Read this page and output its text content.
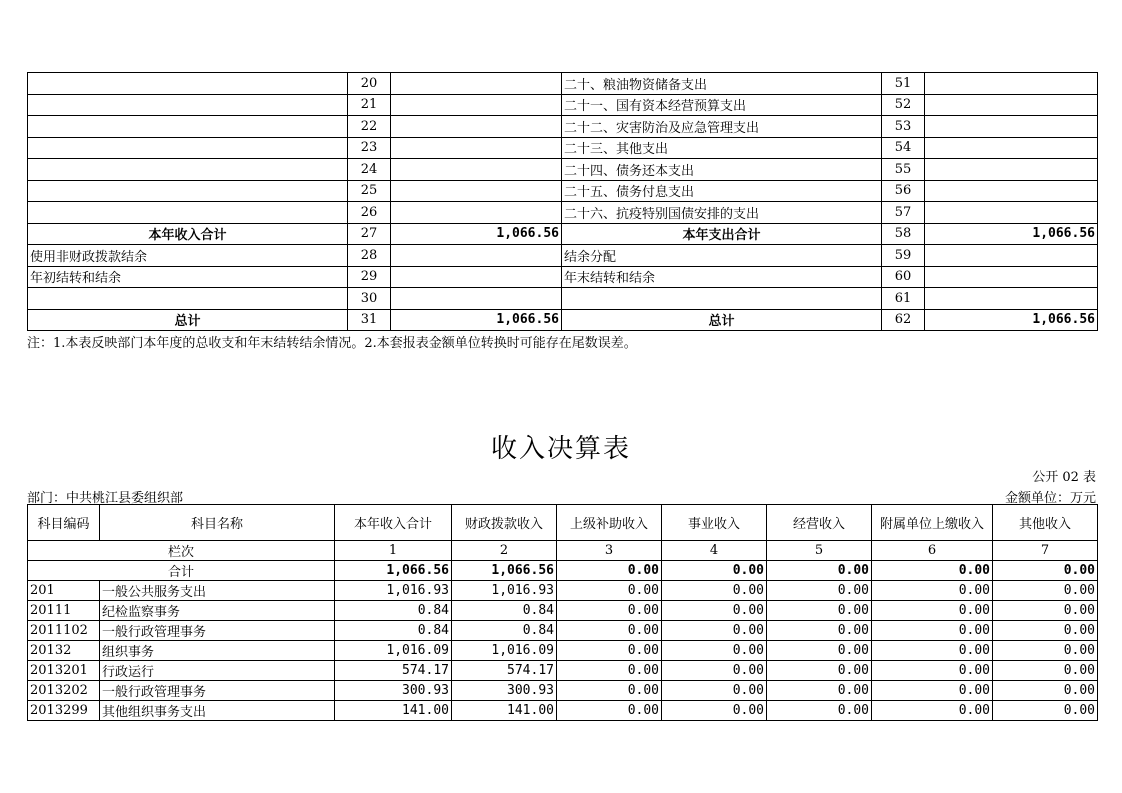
	20		二十、粮油物资储备支出	51	
	21		二十一、国有资本经营预算支出	52	
	22		二十二、灾害防治及应急管理支出	53	
	23		二十三、其他支出	54	
	24		二十四、债务还本支出	55	
	25		二十五、债务付息支出	56	
	26		二十六、抗疫特别国债安排的支出	57	
本年收入合计	27	1,066.56	本年支出合计	58	1,066.56
使用非财政拨款结余	28		结余分配	59	
年初结转和结余	29		年末结转和结余	60	
	30			61	
总计	31	1,066.56	总计	62	1,066.56
注：1.本表反映部门本年度的总收支和年末结转结余情况。2.本套报表金额单位转换时可能存在尾数误差。
收入决算表
公开 02 表
部门：中共桃江县委组织部	金额单位：万元
科目编码	科目名称	本年收入合计	财政拨款收入	上级补助收入	事业收入	经营收入	附属单位上缴收入	其他收入
栏次		1	2	3	4	5	6	7
合计		1,066.56	1,066.56	0.00	0.00	0.00	0.00	0.00
201	一般公共服务支出	1,016.93	1,016.93	0.00	0.00	0.00	0.00	0.00
20111	纪检监察事务	0.84	0.84	0.00	0.00	0.00	0.00	0.00
2011102	一般行政管理事务	0.84	0.84	0.00	0.00	0.00	0.00	0.00
20132	组织事务	1,016.09	1,016.09	0.00	0.00	0.00	0.00	0.00
2013201	行政运行	574.17	574.17	0.00	0.00	0.00	0.00	0.00
2013202	一般行政管理事务	300.93	300.93	0.00	0.00	0.00	0.00	0.00
2013299	其他组织事务支出	141.00	141.00	0.00	0.00	0.00	0.00	0.00
